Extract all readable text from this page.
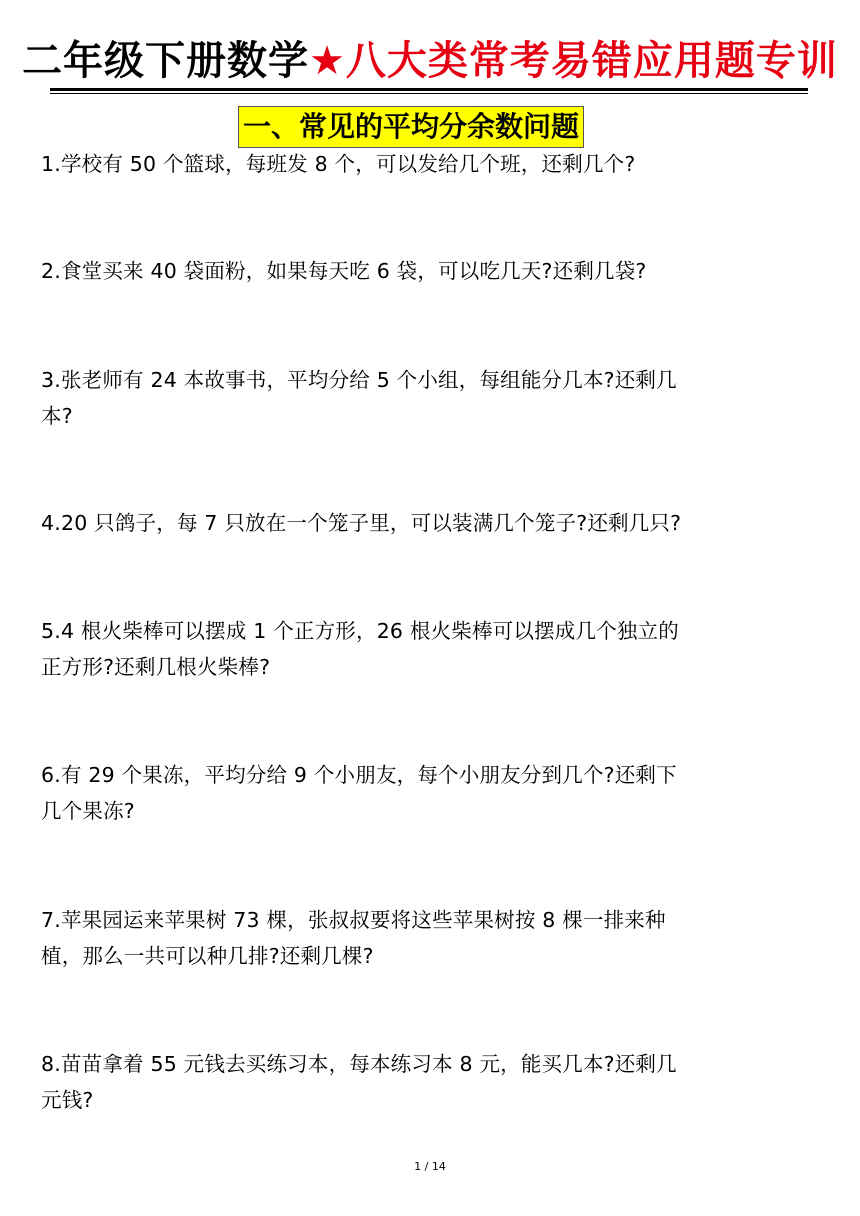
二年级下册数学★八大类常考易错应用题专训
一、常见的平均分余数问题
1.学校有 50 个篮球，每班发 8 个，可以发给几个班，还剩几个?
2.食堂买来 40 袋面粉，如果每天吃 6 袋，可以吃几天?还剩几袋?
3.张老师有 24 本故事书，平均分给 5 个小组，每组能分几本?还剩几
本?
4.20 只鸽子，每 7 只放在一个笼子里，可以装满几个笼子?还剩几只?
5.4 根火柴棒可以摆成 1 个正方形，26 根火柴棒可以摆成几个独立的
正方形?还剩几根火柴棒?
6.有 29 个果冻，平均分给 9 个小朋友，每个小朋友分到几个?还剩下
几个果冻?
7.苹果园运来苹果树 73 棵，张叔叔要将这些苹果树按 8 棵一排来种
植，那么一共可以种几排?还剩几棵?
8.苗苗拿着 55 元钱去买练习本，每本练习本 8 元，能买几本?还剩几
元钱?
1 / 14
